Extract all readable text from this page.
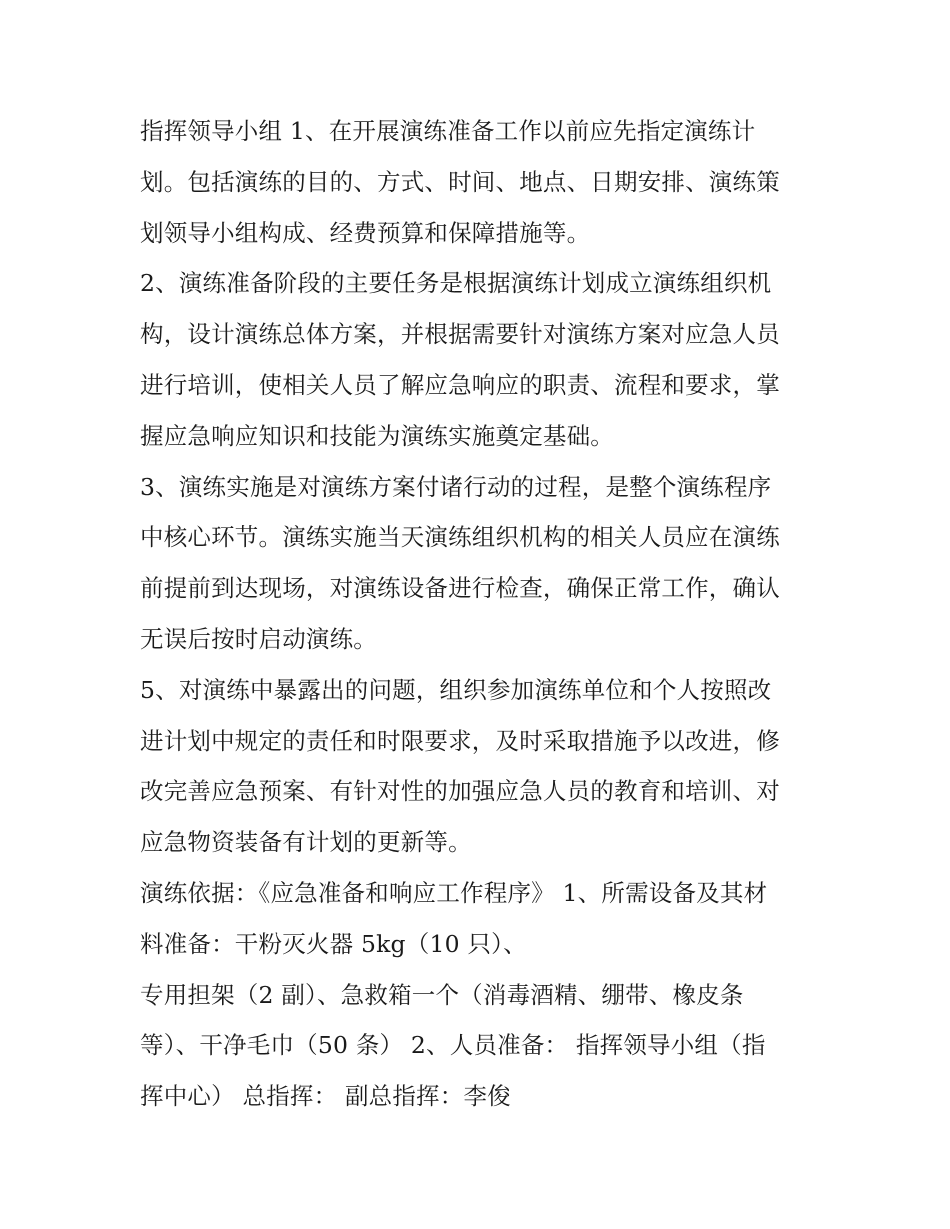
指挥领导小组 1、在开展演练准备工作以前应先指定演练计
划。包括演练的目的、方式、时间、地点、日期安排、演练策
划领导小组构成、经费预算和保障措施等。
2、演练准备阶段的主要任务是根据演练计划成立演练组织机
构，设计演练总体方案，并根据需要针对演练方案对应急人员
进行培训，使相关人员了解应急响应的职责、流程和要求，掌
握应急响应知识和技能为演练实施奠定基础。
3、演练实施是对演练方案付诸行动的过程，是整个演练程序
中核心环节。演练实施当天演练组织机构的相关人员应在演练
前提前到达现场，对演练设备进行检查，确保正常工作，确认
无误后按时启动演练。
5、对演练中暴露出的问题，组织参加演练单位和个人按照改
进计划中规定的责任和时限要求，及时采取措施予以改进，修
改完善应急预案、有针对性的加强应急人员的教育和培训、对
应急物资装备有计划的更新等。
演练依据：《应急准备和响应工作程序》 1、所需设备及其材
料准备：干粉灭火器 5kg（10 只）、
专用担架（2 副）、急救箱一个（消毒酒精、绷带、橡皮条
等）、干净毛巾（50 条） 2、人员准备： 指挥领导小组（指
挥中心） 总指挥： 副总指挥：李俊
